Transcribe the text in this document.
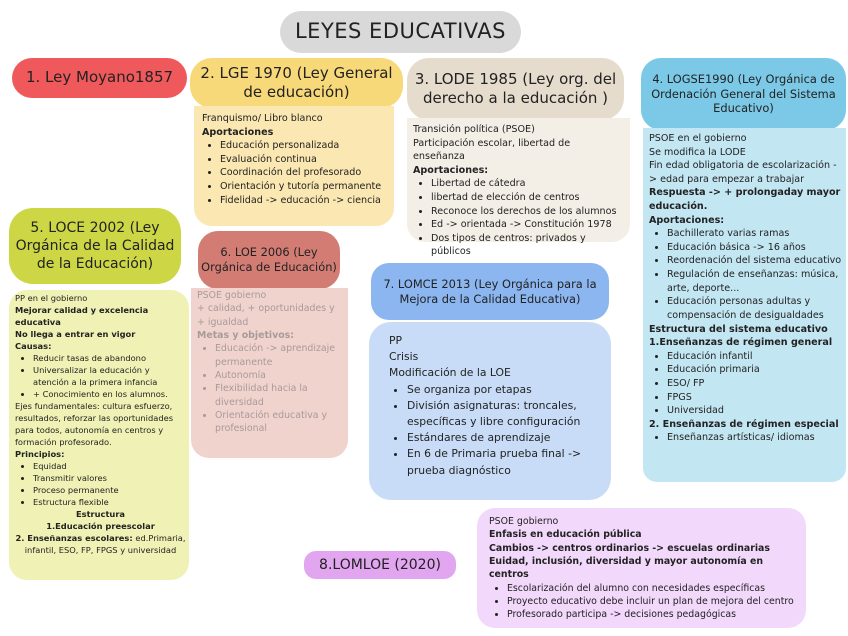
LEYES EDUCATIVAS
1. Ley Moyano1857	2. LGE 1970 (Ley General de educación)
Franquismo/ Libro blanco
Aportaciones
• Educación personalizada
• Evaluación continua
• Coordinación del profesorado
• Orientación y tutoría permanente
• Fidelidad -> educación -> ciencia
3. LODE 1985 (Ley org. del derecho a la educación )
Transición política (PSOE)
Participación escolar, libertad de enseñanza
Aportaciones:
• Libertad de cátedra
• libertad de elección de centros
• Reconoce los derechos de los alumnos
• Ed -> orientada -> Constitución 1978
• Dos tipos de centros: privados y públicos
4. LOGSE1990 (Ley Orgánica de Ordenación General del Sistema Educativo)
PSOE en el gobierno
Se modifica la LODE
Fin edad obligatoria de escolarización -> edad para empezar a trabajar
Respuesta -> + prolongaday mayor educación.
Aportaciones:
• Bachillerato varias ramas
• Educación básica -> 16 años
• Reordenación del sistema educativo
• Regulación de enseñanzas: música, arte, deporte...
• Educación personas adultas y compensación de desigualdades
Estructura del sistema educativo
1.Enseñanzas de régimen general
• Educación infantil
• Educación primaria
• ESO/ FP
• FPGS
• Universidad
2. Enseñanzas de régimen especial
• Enseñanzas artísticas/ idiomas
5. LOCE 2002 (Ley Orgánica de la Calidad de la Educación)
PP en el gobierno
Mejorar calidad y excelencia educativa
No llega a entrar en vigor
Causas:
• Reducir tasas de abandono
• Universalizar la educación y atención a la primera infancia
• + Conocimiento en los alumnos.
Ejes fundamentales: cultura esfuerzo, resultados, reforzar las oportunidades para todos, autonomía en centros y formación profesorado.
Principios:
• Equidad
• Transmitir valores
• Proceso permanente
• Estructura flexible
Estructura
1.Educación preescolar
2. Enseñanzas escolares: ed.Primaria, infantil, ESO, FP, FPGS y universidad
6. LOE 2006 (Ley Orgánica de Educación)
PSOE gobierno
+ calidad, + oportunidades y + igualdad
Metas y objetivos:
• Educación -> aprendizaje permanente
• Autonomía
• Flexibilidad hacia la diversidad
• Orientación educativa y profesional
7. LOMCE 2013 (Ley Orgánica para la Mejora de la Calidad Educativa)
PP
Crisis
Modificación de la LOE
• Se organiza por etapas
• División asignaturas: troncales, específicas y libre configuración
• Estándares de aprendizaje
• En 6 de Primaria prueba final -> prueba diagnóstico
8.LOMLOE (2020)
PSOE gobierno
Enfasis en educación pública
Cambios -> centros ordinarios -> escuelas ordinarias
Euidad, inclusión, diversidad y mayor autonomía en centros
• Escolarización del alumno con necesidades específicas
• Proyecto educativo debe incluir un plan de mejora del centro
• Profesorado participa -> decisiones pedagógicas
